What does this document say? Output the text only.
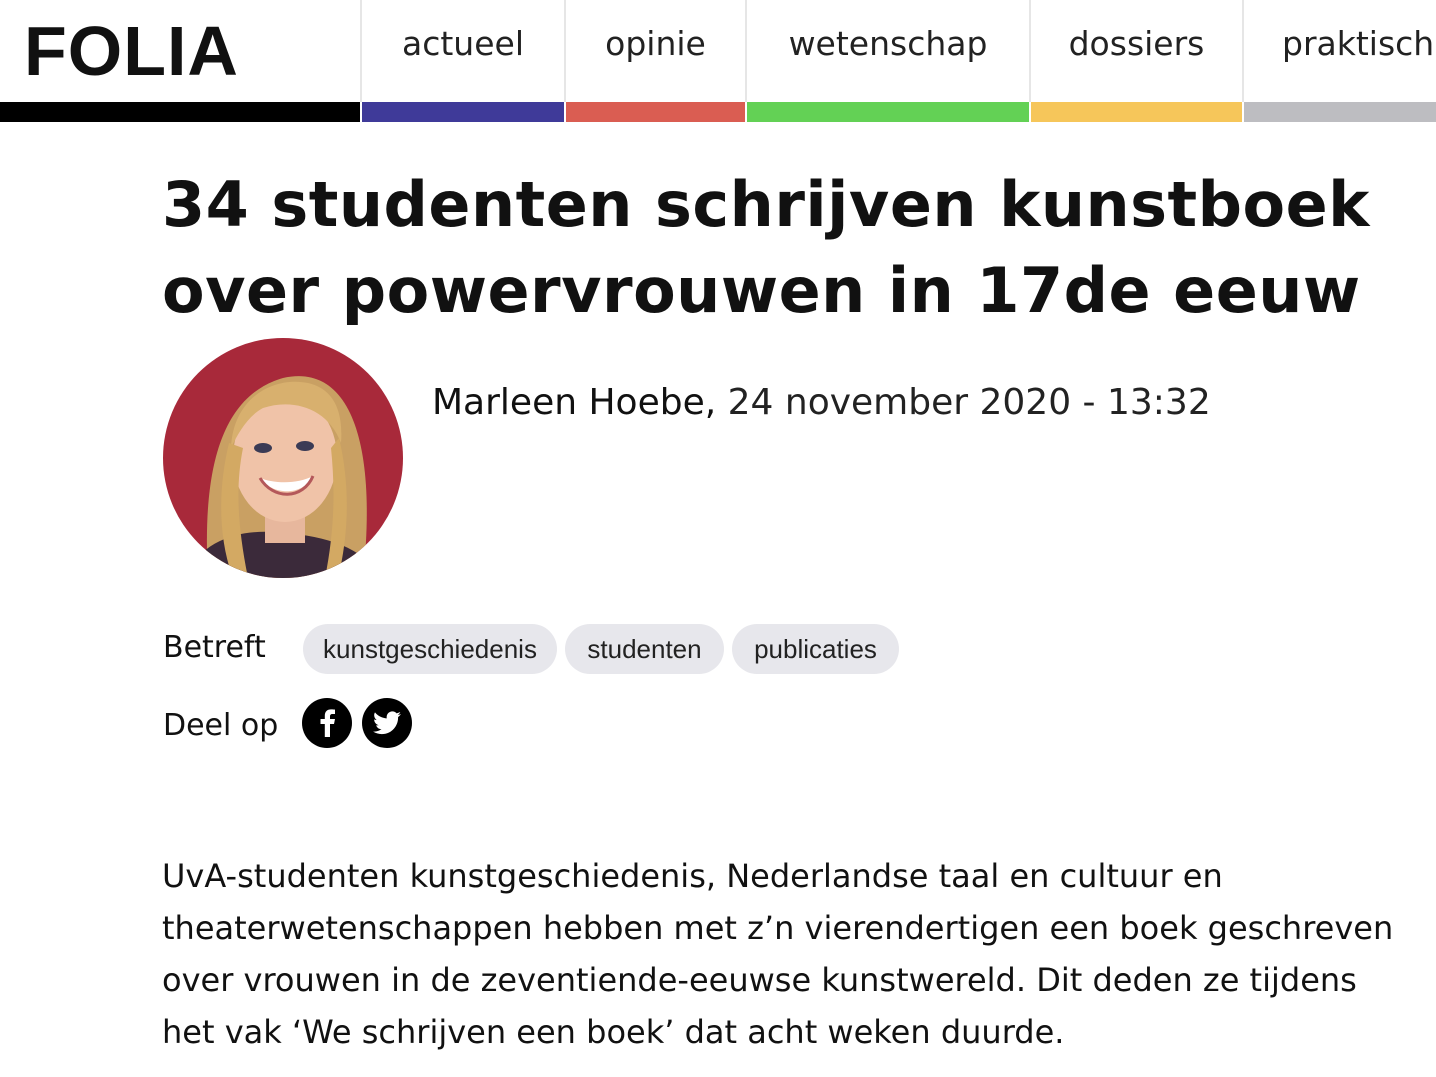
FOLIA	actueel opinie	wetenschap dossiers praktisch
34 studenten schrijven kunstboek over powervrouwen in 17de eeuw
Marleen Hoebe, 24 november 2020 - 13:32
Betreft kunstgeschiedenis studenten publicaties
Deel op

UvA-studenten kunstgeschiedenis, Nederlandse taal en cultuur en theaterwetenschappen hebben met z’n vierendertigen een boek geschreven over vrouwen in de zeventiende-eeuwse kunstwereld. Dit deden ze tijdens het vak ‘We schrijven een boek’ dat acht weken duurde.
